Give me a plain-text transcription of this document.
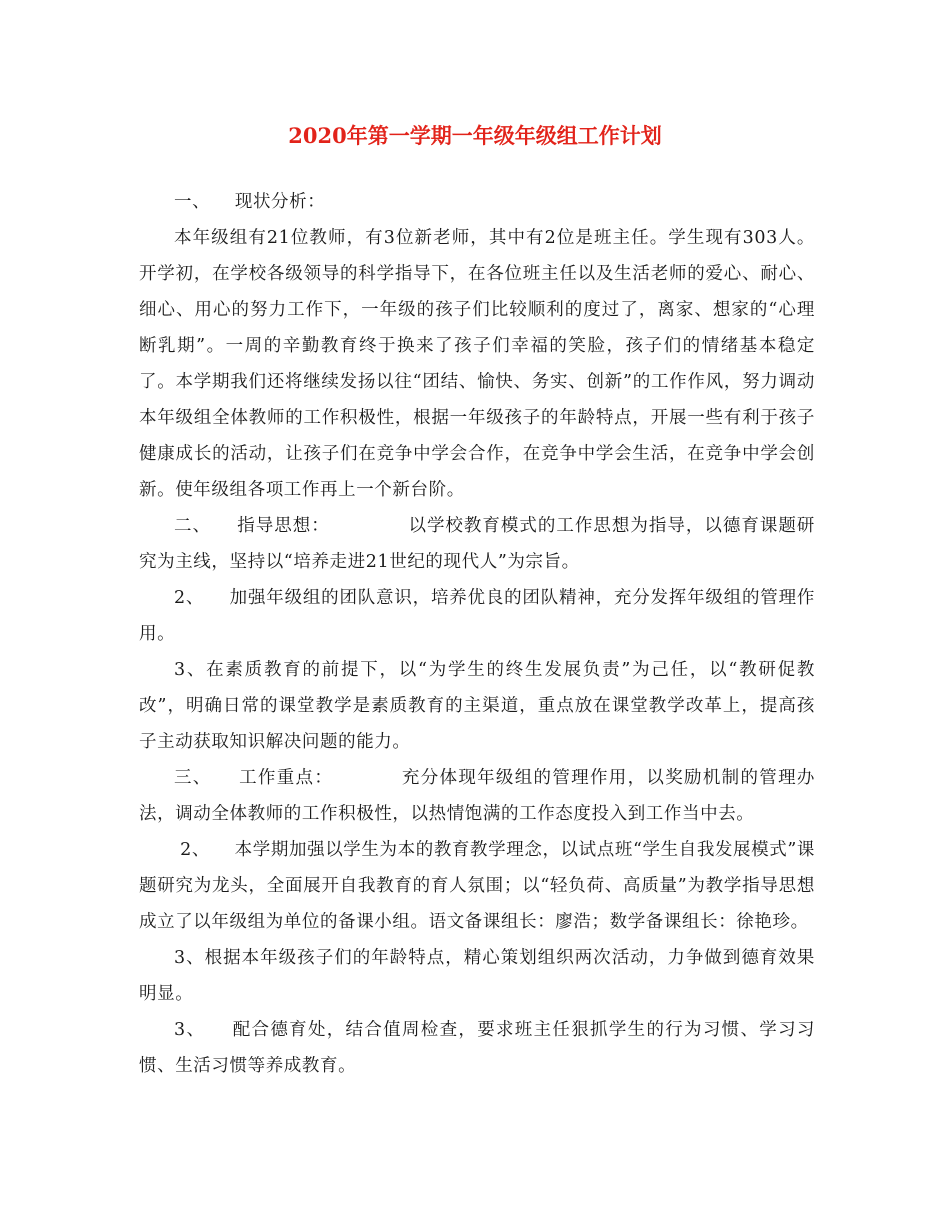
2020年第一学期一年级年级组工作计划

一、    现状分析：

本年级组有21位教师，有3位新老师，其中有2位是班主任。学生现有303人。开学初，在学校各级领导的科学指导下，在各位班主任以及生活老师的爱心、耐心、细心、用心的努力工作下，一年级的孩子们比较顺利的度过了，离家、想家的“心理断乳期”。一周的辛勤教育终于换来了孩子们幸福的笑脸，孩子们的情绪基本稳定了。本学期我们还将继续发扬以往“团结、愉快、务实、创新”的工作作风，努力调动本年级组全体教师的工作积极性，根据一年级孩子的年龄特点，开展一些有利于孩子健康成长的活动，让孩子们在竞争中学会合作，在竞争中学会生活，在竞争中学会创新。使年级组各项工作再上一个新台阶。

二、    指导思想：            以学校教育模式的工作思想为指导，以德育课题研究为主线，坚持以“培养走进21世纪的现代人”为宗旨。

2、    加强年级组的团队意识，培养优良的团队精神，充分发挥年级组的管理作用。

3、在素质教育的前提下，以“为学生的终生发展负责”为己任，以“教研促教改”，明确日常的课堂教学是素质教育的主渠道，重点放在课堂教学改革上，提高孩子主动获取知识解决问题的能力。

三、    工作重点：          充分体现年级组的管理作用，以奖励机制的管理办法，调动全体教师的工作积极性，以热情饱满的工作态度投入到工作当中去。

2、    本学期加强以学生为本的教育教学理念，以试点班“学生自我发展模式”课题研究为龙头，全面展开自我教育的育人氛围；以“轻负荷、高质量”为教学指导思想成立了以年级组为单位的备课小组。语文备课组长：廖浩；数学备课组长：徐艳珍。

3、根据本年级孩子们的年龄特点，精心策划组织两次活动，力争做到德育效果明显。

3、    配合德育处，结合值周检查，要求班主任狠抓学生的行为习惯、学习习惯、生活习惯等养成教育。
